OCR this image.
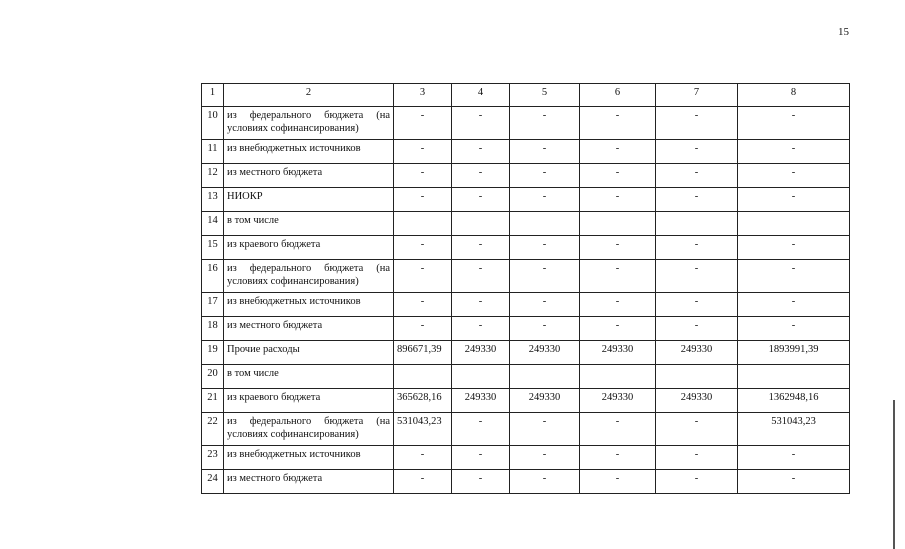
15
1	2	3	4	5	6	7	8
10	из федерального бюджета (на условиях софинансирования)	-	-	-	-	-	-
11	из внебюджетных источников	-	-	-	-	-	-
12	из местного бюджета	-	-	-	-	-	-
13	НИОКР	-	-	-	-	-	-
14	в том числе						
15	из краевого бюджета	-	-	-	-	-	-
16	из федерального бюджета (на условиях софинансирования)	-	-	-	-	-	-
17	из внебюджетных источников	-	-	-	-	-	-
18	из местного бюджета	-	-	-	-	-	-
19	Прочие расходы	896671,39	249330	249330	249330	249330	1893991,39
20	в том числе						
21	из краевого бюджета	365628,16	249330	249330	249330	249330	1362948,16
22	из федерального бюджета (на условиях софинансирования)	531043,23	-	-	-	-	531043,23
23	из внебюджетных источников	-	-	-	-	-	-
24	из местного бюджета	-	-	-	-	-	-
